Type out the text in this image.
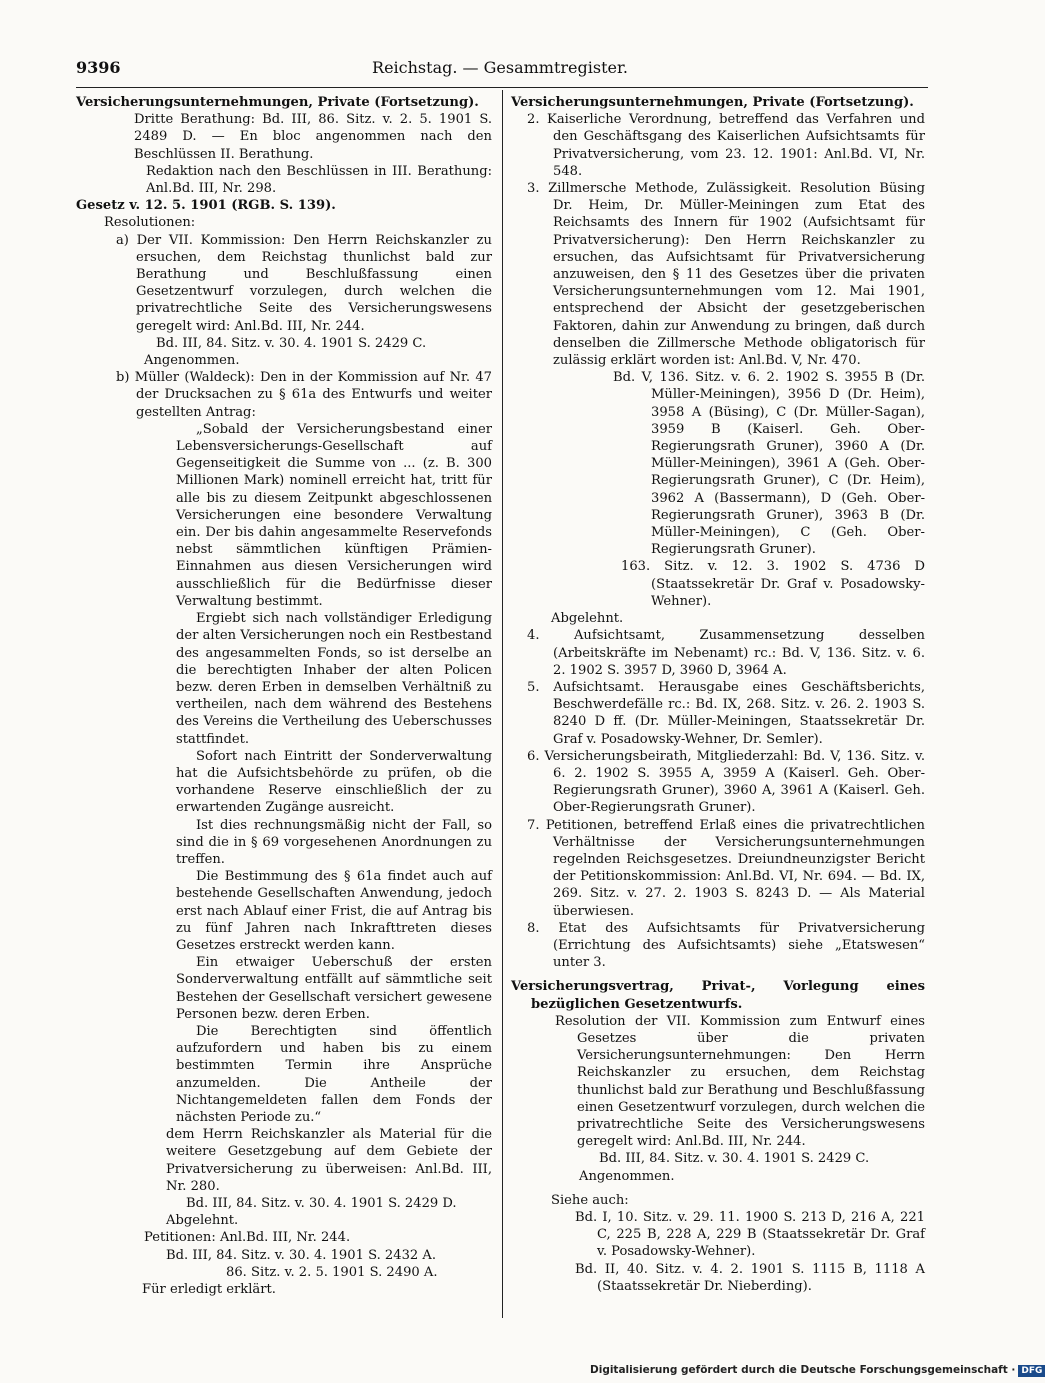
9396	Reichstag. — Gesammtregister.

Versicherungsunternehmungen, Private (Fortsetzung).

Dritte Berathung: Bd. III, 86. Sitz. v. 2. 5. 1901 S. 2489 D. — En bloc angenommen nach den Beschlüssen II. Berathung.

Redaktion nach den Beschlüssen in III. Berathung: Anl.Bd. III, Nr. 298.

Gesetz v. 12. 5. 1901 (RGB. S. 139).

Resolutionen:

a) Der VII. Kommission: Den Herrn Reichskanzler zu ersuchen, dem Reichstag thunlichst bald zur Berathung und Beschlußfassung einen Gesetzentwurf vorzulegen, durch welchen die privatrechtliche Seite des Versicherungswesens geregelt wird: Anl.Bd. III, Nr. 244.

Bd. III, 84. Sitz. v. 30. 4. 1901 S. 2429 C.

Angenommen.

b) Müller (Waldeck): Den in der Kommission auf Nr. 47 der Drucksachen zu § 61a des Entwurfs und weiter gestellten Antrag:

„Sobald der Versicherungsbestand einer Lebensversicherungs-Gesellschaft auf Gegenseitigkeit die Summe von ... (z. B. 300 Millionen Mark) nominell erreicht hat, tritt für alle bis zu diesem Zeitpunkt abgeschlossenen Versicherungen eine besondere Verwaltung ein. Der bis dahin angesammelte Reservefonds nebst sämmtlichen künftigen Prämien-Einnahmen aus diesen Versicherungen wird ausschließlich für die Bedürfnisse dieser Verwaltung bestimmt.

Ergiebt sich nach vollständiger Erledigung der alten Versicherungen noch ein Restbestand des angesammelten Fonds, so ist derselbe an die berechtigten Inhaber der alten Policen bezw. deren Erben in demselben Verhältniß zu vertheilen, nach dem während des Bestehens des Vereins die Vertheilung des Ueberschusses stattfindet.

Sofort nach Eintritt der Sonderverwaltung hat die Aufsichtsbehörde zu prüfen, ob die vorhandene Reserve einschließlich der zu erwartenden Zugänge ausreicht.

Ist dies rechnungsmäßig nicht der Fall, so sind die in § 69 vorgesehenen Anordnungen zu treffen.

Die Bestimmung des § 61a findet auch auf bestehende Gesellschaften Anwendung, jedoch erst nach Ablauf einer Frist, die auf Antrag bis zu fünf Jahren nach Inkrafttreten dieses Gesetzes erstreckt werden kann.

Ein etwaiger Ueberschuß der ersten Sonderverwaltung entfällt auf sämmtliche seit Bestehen der Gesellschaft versichert gewesene Personen bezw. deren Erben.

Die Berechtigten sind öffentlich aufzufordern und haben bis zu einem bestimmten Termin ihre Ansprüche anzumelden. Die Antheile der Nichtangemeldeten fallen dem Fonds der nächsten Periode zu.“

dem Herrn Reichskanzler als Material für die weitere Gesetzgebung auf dem Gebiete der Privatversicherung zu überweisen: Anl.Bd. III, Nr. 280.

Bd. III, 84. Sitz. v. 30. 4. 1901 S. 2429 D.

Abgelehnt.

Petitionen: Anl.Bd. III, Nr. 244.

Bd. III, 84. Sitz. v. 30. 4. 1901 S. 2432 A.

86. Sitz. v. 2. 5. 1901 S. 2490 A.

Für erledigt erklärt.

Versicherungsunternehmungen, Private (Fortsetzung).

2. Kaiserliche Verordnung, betreffend das Verfahren und den Geschäftsgang des Kaiserlichen Aufsichtsamts für Privatversicherung, vom 23. 12. 1901: Anl.Bd. VI, Nr. 548.

3. Zillmersche Methode, Zulässigkeit. Resolution Büsing Dr. Heim, Dr. Müller-Meiningen zum Etat des Reichsamts des Innern für 1902 (Aufsichtsamt für Privatversicherung): Den Herrn Reichskanzler zu ersuchen, das Aufsichtsamt für Privatversicherung anzuweisen, den § 11 des Gesetzes über die privaten Versicherungsunternehmungen vom 12. Mai 1901, entsprechend der Absicht der gesetzgeberischen Faktoren, dahin zur Anwendung zu bringen, daß durch denselben die Zillmersche Methode obligatorisch für zulässig erklärt worden ist: Anl.Bd. V, Nr. 470.

Bd. V, 136. Sitz. v. 6. 2. 1902 S. 3955 B (Dr. Müller-Meiningen), 3956 D (Dr. Heim), 3958 A (Büsing), C (Dr. Müller-Sagan), 3959 B (Kaiserl. Geh. Ober-Regierungsrath Gruner), 3960 A (Dr. Müller-Meiningen), 3961 A (Geh. Ober-Regierungsrath Gruner), C (Dr. Heim), 3962 A (Bassermann), D (Geh. Ober-Regierungsrath Gruner), 3963 B (Dr. Müller-Meiningen), C (Geh. Ober-Regierungsrath Gruner).

163. Sitz. v. 12. 3. 1902 S. 4736 D (Staatssekretär Dr. Graf v. Posadowsky-Wehner).

Abgelehnt.

4. Aufsichtsamt, Zusammensetzung desselben (Arbeitskräfte im Nebenamt) rc.: Bd. V, 136. Sitz. v. 6. 2. 1902 S. 3957 D, 3960 D, 3964 A.

5. Aufsichtsamt. Herausgabe eines Geschäftsberichts, Beschwerdefälle rc.: Bd. IX, 268. Sitz. v. 26. 2. 1903 S. 8240 D ff. (Dr. Müller-Meiningen, Staatssekretär Dr. Graf v. Posadowsky-Wehner, Dr. Semler).

6. Versicherungsbeirath, Mitgliederzahl: Bd. V, 136. Sitz. v. 6. 2. 1902 S. 3955 A, 3959 A (Kaiserl. Geh. Ober-Regierungsrath Gruner), 3960 A, 3961 A (Kaiserl. Geh. Ober-Regierungsrath Gruner).

7. Petitionen, betreffend Erlaß eines die privatrechtlichen Verhältnisse der Versicherungsunternehmungen regelnden Reichsgesetzes. Dreiundneunzigster Bericht der Petitionskommission: Anl.Bd. VI, Nr. 694. — Bd. IX, 269. Sitz. v. 27. 2. 1903 S. 8243 D. — Als Material überwiesen.

8. Etat des Aufsichtsamts für Privatversicherung (Errichtung des Aufsichtsamts) siehe „Etatswesen“ unter 3.

Versicherungsvertrag, Privat-, Vorlegung eines bezüglichen Gesetzentwurfs.

Resolution der VII. Kommission zum Entwurf eines Gesetzes über die privaten Versicherungsunternehmungen: Den Herrn Reichskanzler zu ersuchen, dem Reichstag thunlichst bald zur Berathung und Beschlußfassung einen Gesetzentwurf vorzulegen, durch welchen die privatrechtliche Seite des Versicherungswesens geregelt wird: Anl.Bd. III, Nr. 244.

Bd. III, 84. Sitz. v. 30. 4. 1901 S. 2429 C.

Angenommen.

Siehe auch:

Bd. I, 10. Sitz. v. 29. 11. 1900 S. 213 D, 216 A, 221 C, 225 B, 228 A, 229 B (Staatssekretär Dr. Graf v. Posadowsky-Wehner).

Bd. II, 40. Sitz. v. 4. 2. 1901 S. 1115 B, 1118 A (Staatssekretär Dr. Nieberding).

Digitalisierung gefördert durch die Deutsche Forschungsgemeinschaft · DFG
